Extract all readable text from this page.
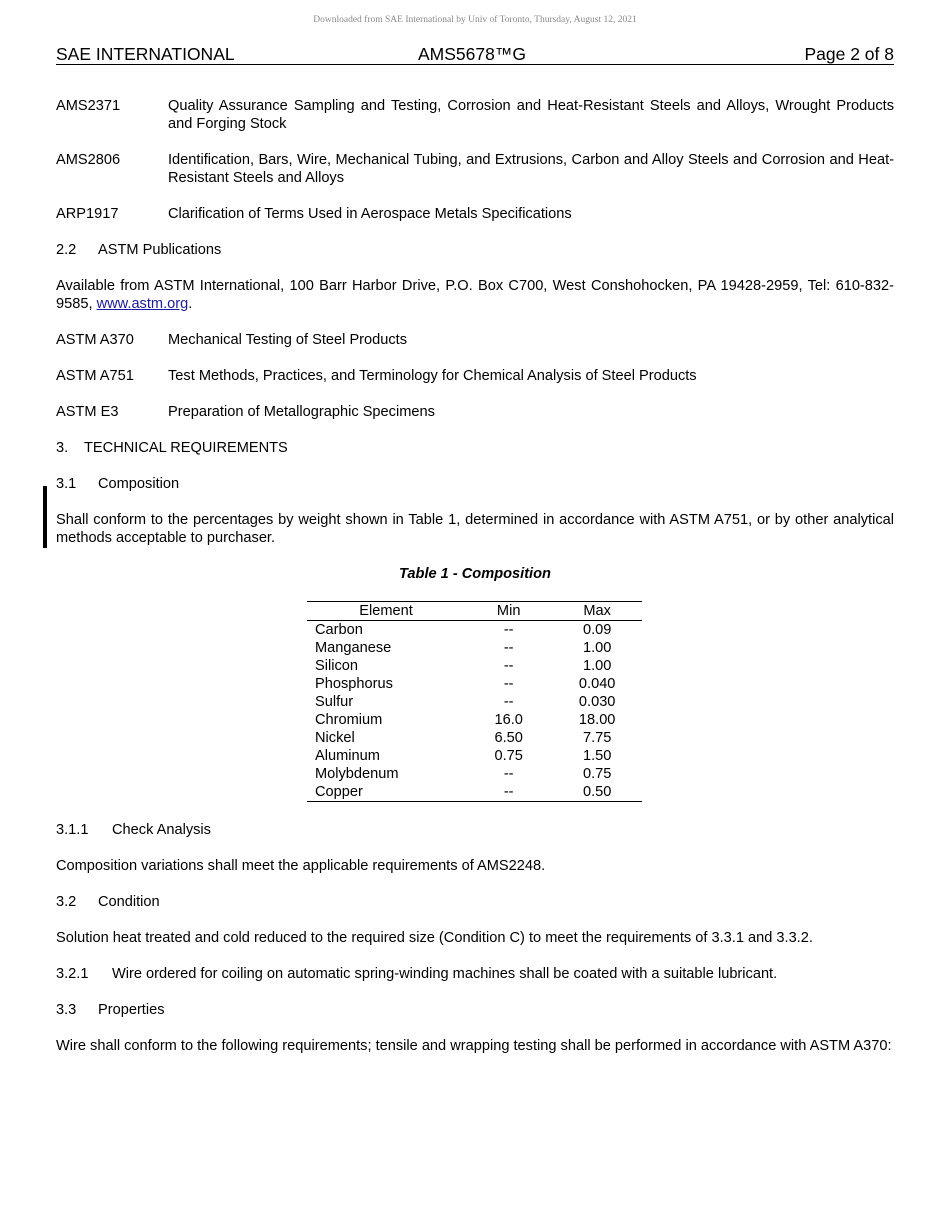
Downloaded from SAE International by Univ of Toronto, Thursday, August 12, 2021
SAE INTERNATIONAL	AMS5678™G	Page 2 of 8
AMS2371	Quality Assurance Sampling and Testing, Corrosion and Heat-Resistant Steels and Alloys, Wrought Products and Forging Stock
AMS2806	Identification, Bars, Wire, Mechanical Tubing, and Extrusions, Carbon and Alloy Steels and Corrosion and Heat-Resistant Steels and Alloys
ARP1917	Clarification of Terms Used in Aerospace Metals Specifications
2.2 ASTM Publications
Available from ASTM International, 100 Barr Harbor Drive, P.O. Box C700, West Conshohocken, PA 19428-2959, Tel: 610-832-9585, www.astm.org.
ASTM A370	Mechanical Testing of Steel Products
ASTM A751	Test Methods, Practices, and Terminology for Chemical Analysis of Steel Products
ASTM E3	Preparation of Metallographic Specimens
3. TECHNICAL REQUIREMENTS
3.1 Composition
Shall conform to the percentages by weight shown in Table 1, determined in accordance with ASTM A751, or by other analytical methods acceptable to purchaser.
Table 1 - Composition
Element	Min	Max
Carbon	--	0.09
Manganese	--	1.00
Silicon	--	1.00
Phosphorus	--	0.040
Sulfur	--	0.030
Chromium	16.0	18.00
Nickel	6.50	7.75
Aluminum	0.75	1.50
Molybdenum	--	0.75
Copper	--	0.50
3.1.1 Check Analysis
Composition variations shall meet the applicable requirements of AMS2248.
3.2 Condition
Solution heat treated and cold reduced to the required size (Condition C) to meet the requirements of 3.3.1 and 3.3.2.
3.2.1 Wire ordered for coiling on automatic spring-winding machines shall be coated with a suitable lubricant.
3.3 Properties
Wire shall conform to the following requirements; tensile and wrapping testing shall be performed in accordance with ASTM A370:
